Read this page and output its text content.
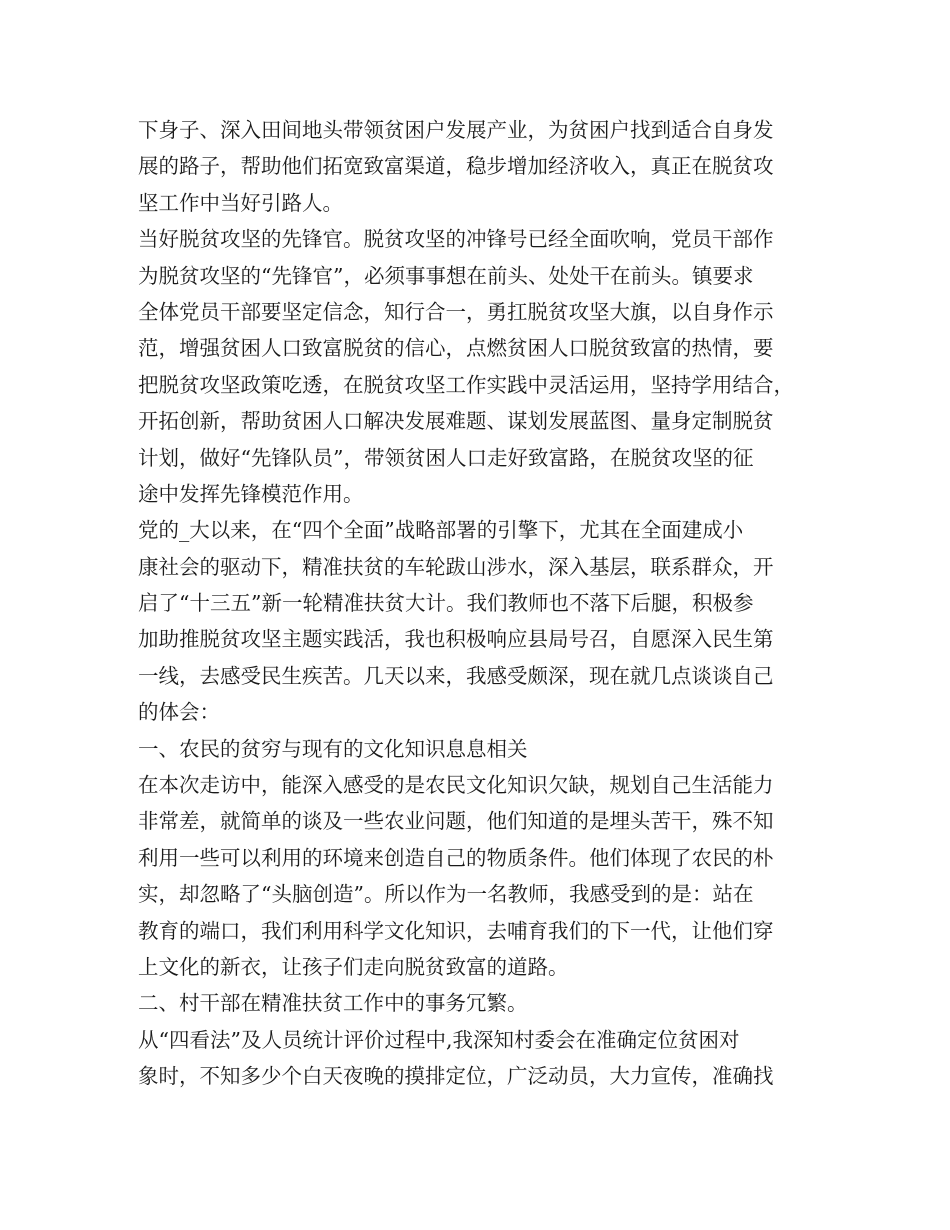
下身子、深入田间地头带领贫困户发展产业，为贫困户找到适合自身发
展的路子，帮助他们拓宽致富渠道，稳步增加经济收入，真正在脱贫攻
坚工作中当好引路人。
当好脱贫攻坚的先锋官。脱贫攻坚的冲锋号已经全面吹响，党员干部作
为脱贫攻坚的“先锋官”，必须事事想在前头、处处干在前头。镇要求
全体党员干部要坚定信念，知行合一，勇扛脱贫攻坚大旗，以自身作示
范，增强贫困人口致富脱贫的信心，点燃贫困人口脱贫致富的热情，要
把脱贫攻坚政策吃透，在脱贫攻坚工作实践中灵活运用，坚持学用结合，
开拓创新，帮助贫困人口解决发展难题、谋划发展蓝图、量身定制脱贫
计划，做好“先锋队员”，带领贫困人口走好致富路，在脱贫攻坚的征
途中发挥先锋模范作用。
党的_大以来，在“四个全面”战略部署的引擎下，尤其在全面建成小
康社会的驱动下，精准扶贫的车轮跋山涉水，深入基层，联系群众，开
启了“十三五”新一轮精准扶贫大计。我们教师也不落下后腿，积极参
加助推脱贫攻坚主题实践活，我也积极响应县局号召，自愿深入民生第
一线，去感受民生疾苦。几天以来，我感受颇深，现在就几点谈谈自己
的体会：
一、农民的贫穷与现有的文化知识息息相关
在本次走访中，能深入感受的是农民文化知识欠缺，规划自己生活能力
非常差，就简单的谈及一些农业问题，他们知道的是埋头苦干，殊不知
利用一些可以利用的环境来创造自己的物质条件。他们体现了农民的朴
实，却忽略了“头脑创造”。所以作为一名教师，我感受到的是：站在
教育的端口，我们利用科学文化知识，去哺育我们的下一代，让他们穿
上文化的新衣，让孩子们走向脱贫致富的道路。
二、村干部在精准扶贫工作中的事务冗繁。
从“四看法”及人员统计评价过程中,我深知村委会在准确定位贫困对
象时，不知多少个白天夜晚的摸排定位，广泛动员，大力宣传，准确找
